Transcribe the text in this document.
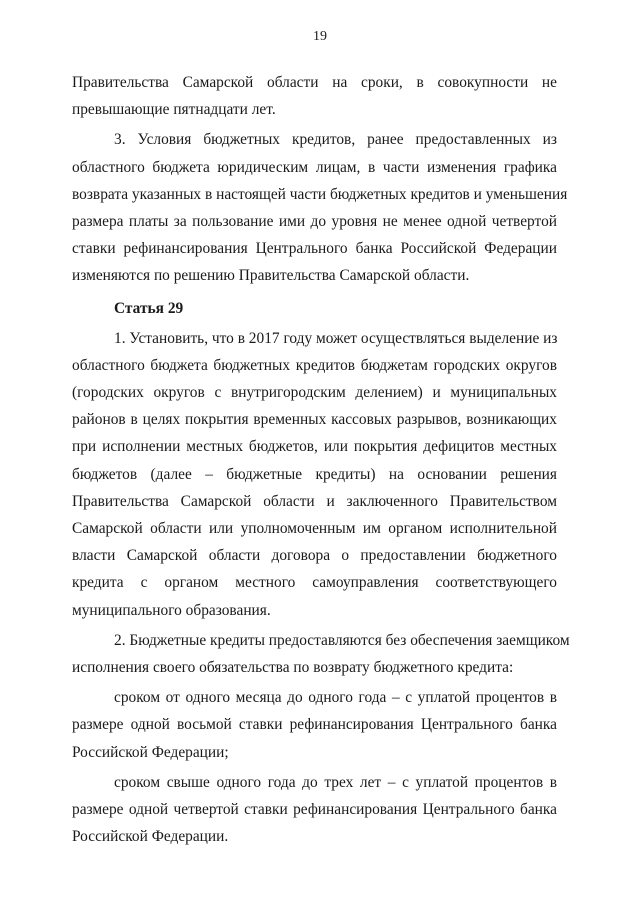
19
Правительства Самарской области на сроки, в совокупности не
превышающие пятнадцати лет.
3. Условия бюджетных кредитов, ранее предоставленных из
областного бюджета юридическим лицам, в части изменения графика
возврата указанных в настоящей части бюджетных кредитов и уменьшения
размера платы за пользование ими до уровня не менее одной четвертой
ставки рефинансирования Центрального банка Российской Федерации
изменяются по решению Правительства Самарской области.
Статья 29
1. Установить, что в 2017 году может осуществляться выделение из
областного бюджета бюджетных кредитов бюджетам городских округов
(городских округов с внутригородским делением) и муниципальных
районов в целях покрытия временных кассовых разрывов, возникающих
при исполнении местных бюджетов, или покрытия дефицитов местных
бюджетов (далее – бюджетные кредиты) на основании решения
Правительства Самарской области и заключенного Правительством
Самарской области или уполномоченным им органом исполнительной
власти Самарской области договора о предоставлении бюджетного
кредита с органом местного самоуправления соответствующего
муниципального образования.
2. Бюджетные кредиты предоставляются без обеспечения заемщиком
исполнения своего обязательства по возврату бюджетного кредита:
сроком от одного месяца до одного года – с уплатой процентов в
размере одной восьмой ставки рефинансирования Центрального банка
Российской Федерации;
сроком свыше одного года до трех лет – с уплатой процентов в
размере одной четвертой ставки рефинансирования Центрального банка
Российской Федерации.
